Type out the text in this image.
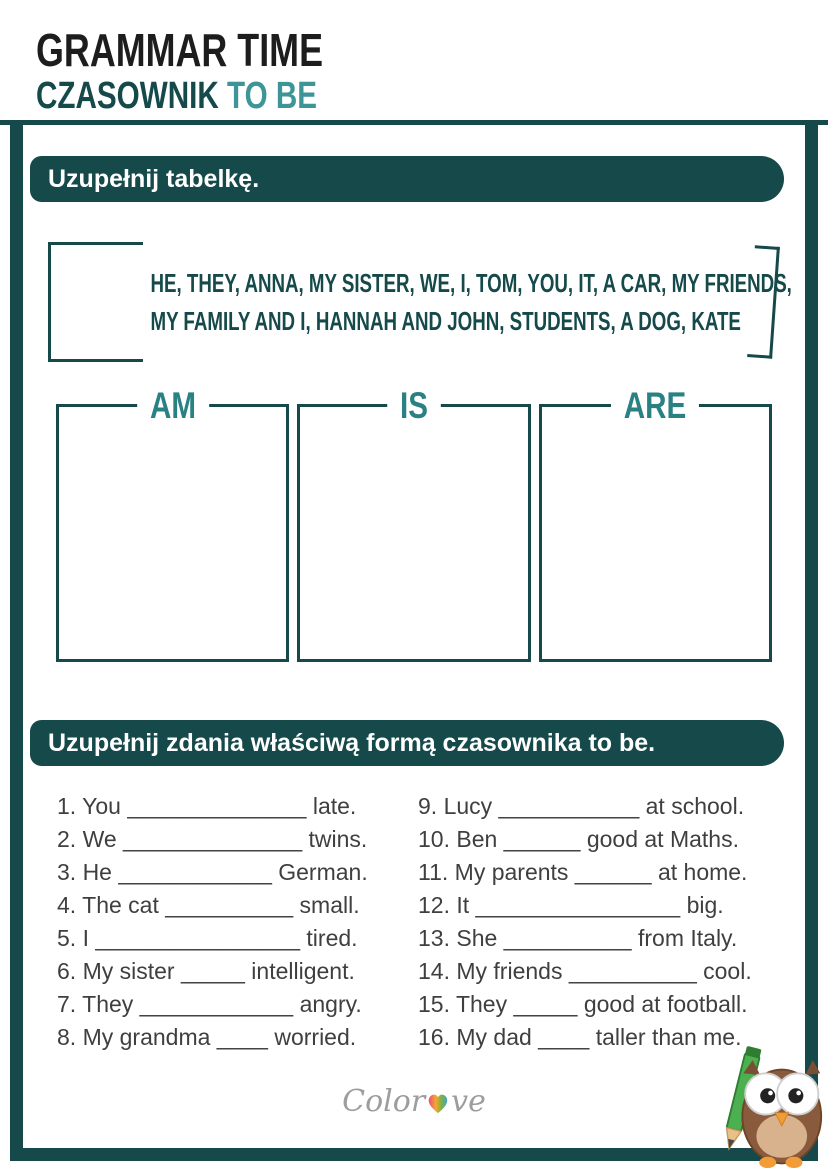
GRAMMAR TIME
CZASOWNIK TO BE
Uzupełnij tabelkę.
HE, THEY, ANNA, MY SISTER, WE, I, TOM, YOU, IT, A CAR, MY FRIENDS,
MY FAMILY AND I, HANNAH AND JOHN, STUDENTS, A DOG, KATE
AM	IS	ARE
Uzupełnij zdania właściwą formą czasownika to be.
1. You ______________ late.
2. We ______________ twins.
3. He ____________ German.
4. The cat __________ small.
5. I ________________ tired.
6. My sister _____ intelligent.
7. They ____________ angry.
8. My grandma ____ worried.
9. Lucy ___________ at school.
10. Ben ______ good at Maths.
11. My parents ______ at home.
12. It ________________ big.
13. She __________ from Italy.
14. My friends __________ cool.
15. They _____ good at football.
16. My dad ____ taller than me.
Color ve
